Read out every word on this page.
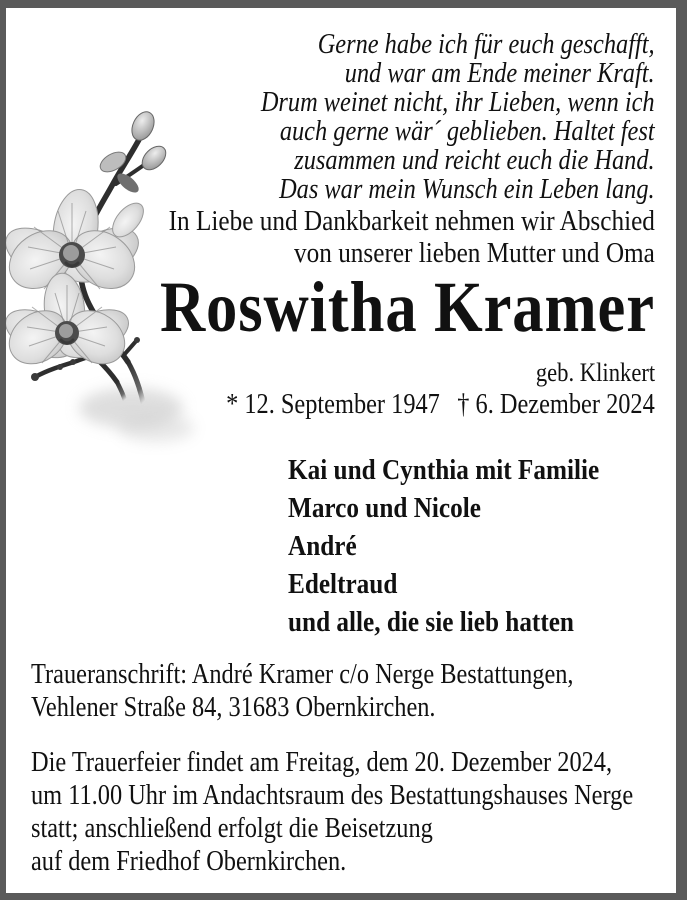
Gerne habe ich für euch geschafft,
und war am Ende meiner Kraft.
Drum weinet nicht, ihr Lieben, wenn ich
auch gerne wär´ geblieben. Haltet fest
zusammen und reicht euch die Hand.
Das war mein Wunsch ein Leben lang.
In Liebe und Dankbarkeit nehmen wir Abschied
von unserer lieben Mutter und Oma
Roswitha Kramer
geb. Klinkert
* 12. September 1947 † 6. Dezember 2024
Kai und Cynthia mit Familie
Marco und Nicole
André
Edeltraud
und alle, die sie lieb hatten
Traueranschrift: André Kramer c/o Nerge Bestattungen,
Vehlener Straße 84, 31683 Obernkirchen.
Die Trauerfeier findet am Freitag, dem 20. Dezember 2024,
um 11.00 Uhr im Andachtsraum des Bestattungshauses Nerge
statt; anschließend erfolgt die Beisetzung
auf dem Friedhof Obernkirchen.
